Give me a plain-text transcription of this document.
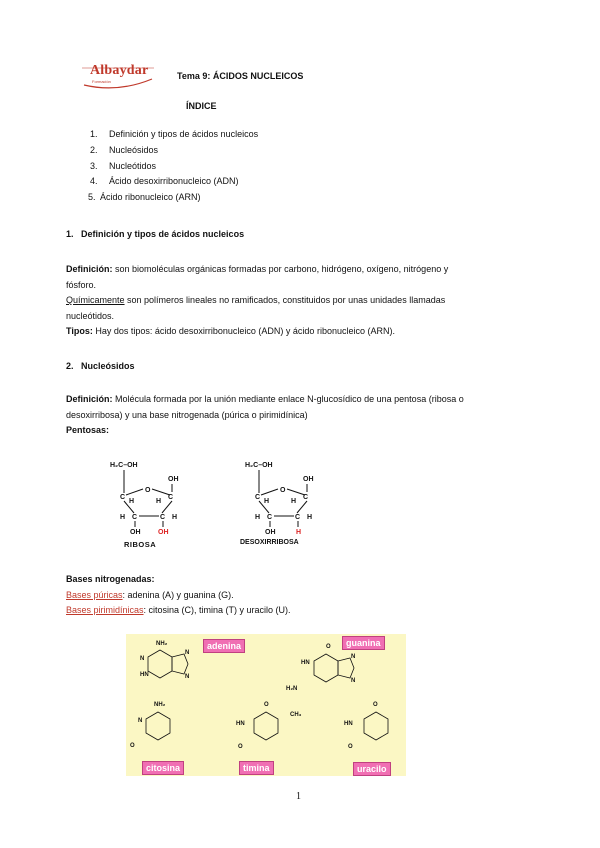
Albaydar
Formación
Tema 9: ÁCIDOS NUCLEICOS
ÍNDICE
1. Definición y tipos de ácidos nucleicos
2. Nucleósidos
3. Nucleótidos
4. Ácido desoxirribonucleico (ADN)
5. Ácido ribonucleico (ARN)
1. Definición y tipos de ácidos nucleicos
Definición: son biomoléculas orgánicas formadas por carbono, hidrógeno, oxígeno, nitrógeno y
fósforo.
Químicamente son polímeros lineales no ramificados, constituidos por unas unidades llamadas
nucleótidos.
Tipos: Hay dos tipos: ácido desoxirribonucleico (ADN) y ácido ribonucleico (ARN).
2. Nucleósidos
Definición: Molécula formada por la unión mediante enlace N-glucosídico de una pentosa (ribosa o
desoxirribosa) y una base nitrogenada (púrica o pirimidínica)
Pentosas:
H₂C–OH
O
C	C
OH
H	H
H	H
C	C
OH	OH
RIBOSA
H₂C–OH
O
C	C
OH
H	H
H	H
C	C
OH	H
DESOXIRRIBOSA
Bases nitrogenadas:
Bases púricas: adenina (A) y guanina (G).
Bases pirimidínicas: citosina (C), timina (T) y uracilo (U).
adenina	guanina
citosina	timina	uracilo
NH₂
N
HN
N
N
O
HN
H₂N
N
N
NH₂
N
O
O
CH₃
HN
O
O
HN
O
1
